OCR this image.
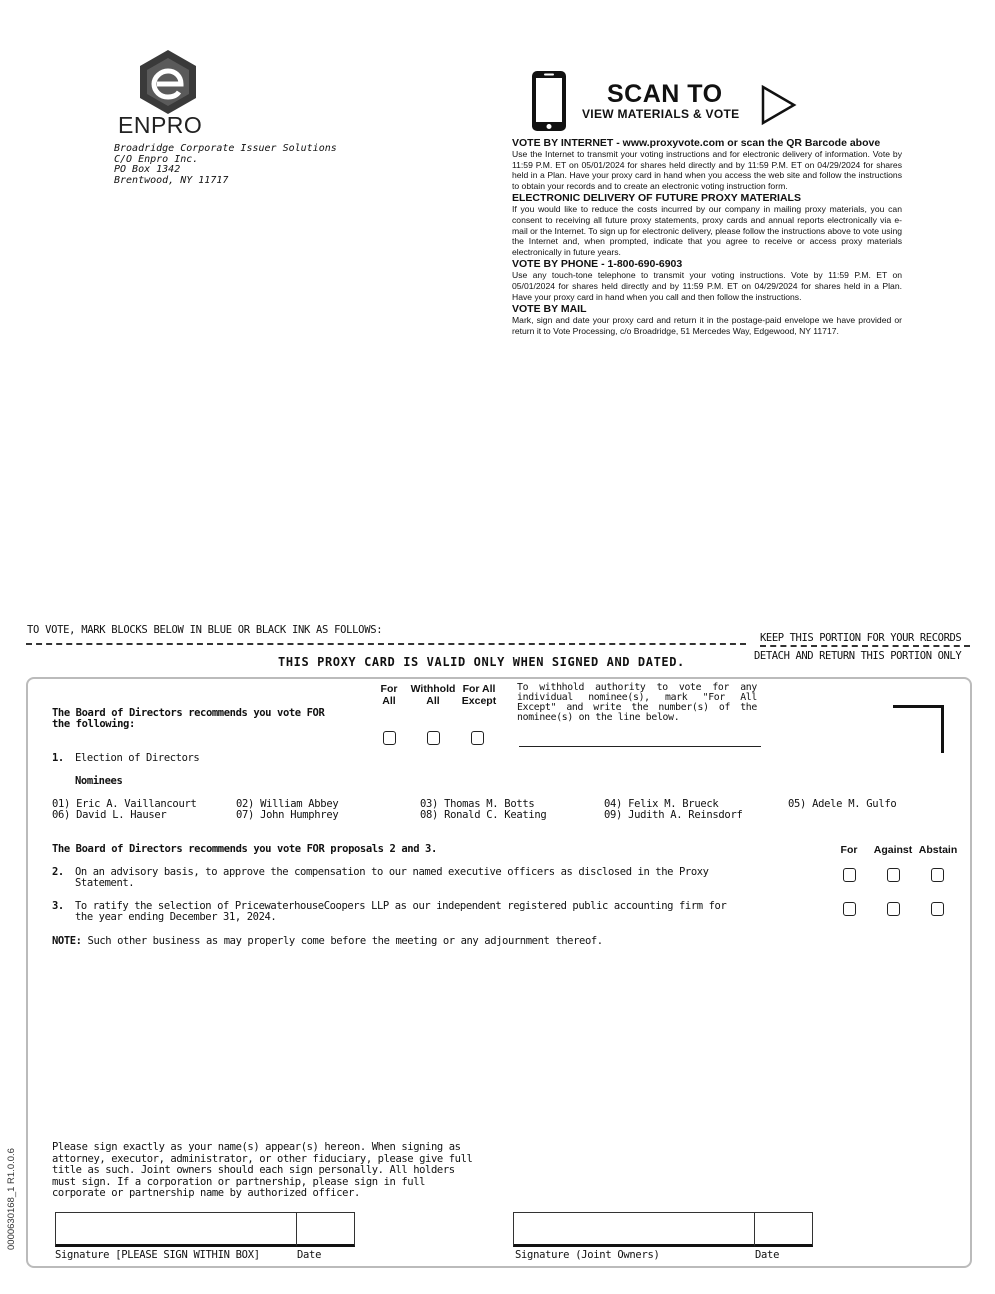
ENPRO
Broadridge Corporate Issuer Solutions
C/O Enpro Inc.
PO Box 1342
Brentwood, NY 11717
SCAN TO
VIEW MATERIALS & VOTE
VOTE BY INTERNET - www.proxyvote.com or scan the QR Barcode above

Use the Internet to transmit your voting instructions and for electronic delivery of information. Vote by 11:59 P.M. ET on 05/01/2024 for shares held directly and by 11:59 P.M. ET on 04/29/2024 for shares held in a Plan. Have your proxy card in hand when you access the web site and follow the instructions to obtain your records and to create an electronic voting instruction form.

ELECTRONIC DELIVERY OF FUTURE PROXY MATERIALS

If you would like to reduce the costs incurred by our company in mailing proxy materials, you can consent to receiving all future proxy statements, proxy cards and annual reports electronically via e-mail or the Internet. To sign up for electronic delivery, please follow the instructions above to vote using the Internet and, when prompted, indicate that you agree to receive or access proxy materials electronically in future years.

VOTE BY PHONE - 1-800-690-6903

Use any touch-tone telephone to transmit your voting instructions. Vote by 11:59 P.M. ET on 05/01/2024 for shares held directly and by 11:59 P.M. ET on 04/29/2024 for shares held in a Plan. Have your proxy card in hand when you call and then follow the instructions.

VOTE BY MAIL

Mark, sign and date your proxy card and return it in the postage-paid envelope we have provided or return it to Vote Processing, c/o Broadridge, 51 Mercedes Way, Edgewood, NY 11717.

TO VOTE, MARK BLOCKS BELOW IN BLUE OR BLACK INK AS FOLLOWS:
KEEP THIS PORTION FOR YOUR RECORDS
DETACH AND RETURN THIS PORTION ONLY
THIS PROXY CARD IS VALID ONLY WHEN SIGNED AND DATED.
The Board of Directors recommends you vote FOR the following:
For All
Withhold All
For All Except
To withhold authority to vote for any individual nominee(s), mark "For All Except" and write the number(s) of the nominee(s) on the line below.
1. Election of Directors
Nominees
01) Eric A. Vaillancourt	02) William Abbey	03) Thomas M. Botts	04) Felix M. Brueck	05) Adele M. Gulfo
06) David L. Hauser	07) John Humphrey	08) Ronald C. Keating	09) Judith A. Reinsdorf
The Board of Directors recommends you vote FOR proposals 2 and 3.	For	Against Abstain
2. On an advisory basis, to approve the compensation to our named executive officers as disclosed in the Proxy Statement.
3. To ratify the selection of PricewaterhouseCoopers LLP as our independent registered public accounting firm for the year ending December 31, 2024.
NOTE: Such other business as may properly come before the meeting or any adjournment thereof.
Please sign exactly as your name(s) appear(s) hereon. When signing as attorney, executor, administrator, or other fiduciary, please give full title as such. Joint owners should each sign personally. All holders must sign. If a corporation or partnership, please sign in full corporate or partnership name by authorized officer.
Signature [PLEASE SIGN WITHIN BOX]	Date	Signature (Joint Owners)	Date
0000630168_1 R1.0.0.6
